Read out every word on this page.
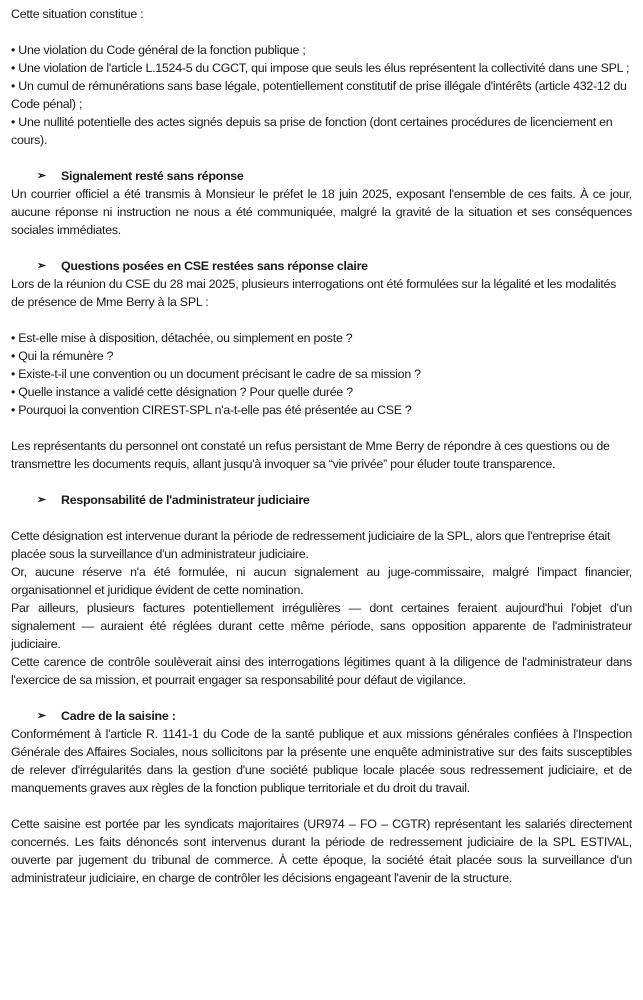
Cette situation constitue :

• Une violation du Code général de la fonction publique ;

• Une violation de l'article L.1524-5 du CGCT, qui impose que seuls les élus représentent la collectivité dans une SPL ;

• Un cumul de rémunérations sans base légale, potentiellement constitutif de prise illégale d'intérêts (article 432-12 du Code pénal) ;

• Une nullité potentielle des actes signés depuis sa prise de fonction (dont certaines procédures de licenciement en cours).

➢	Signalement resté sans réponse

Un courrier officiel a été transmis à Monsieur le préfet le 18 juin 2025, exposant l'ensemble de ces faits. À ce jour, aucune réponse ni instruction ne nous a été communiquée, malgré la gravité de la situation et ses conséquences sociales immédiates.

➢	Questions posées en CSE restées sans réponse claire

Lors de la réunion du CSE du 28 mai 2025, plusieurs interrogations ont été formulées sur la légalité et les modalités de présence de Mme Berry à la SPL :

• Est-elle mise à disposition, détachée, ou simplement en poste ?

• Qui la rémunère ?

• Existe-t-il une convention ou un document précisant le cadre de sa mission ?

• Quelle instance a validé cette désignation ? Pour quelle durée ?

• Pourquoi la convention CIREST-SPL n'a-t-elle pas été présentée au CSE ?

Les représentants du personnel ont constaté un refus persistant de Mme Berry de répondre à ces questions ou de transmettre les documents requis, allant jusqu'à invoquer sa “vie privée” pour éluder toute transparence.

➢	Responsabilité de l'administrateur judiciaire

Cette désignation est intervenue durant la période de redressement judiciaire de la SPL, alors que l'entreprise était placée sous la surveillance d'un administrateur judiciaire.

Or, aucune réserve n'a été formulée, ni aucun signalement au juge-commissaire, malgré l'impact financier, organisationnel et juridique évident de cette nomination.

Par ailleurs, plusieurs factures potentiellement irrégulières — dont certaines feraient aujourd'hui l'objet d'un signalement — auraient été réglées durant cette même période, sans opposition apparente de l'administrateur judiciaire.

Cette carence de contrôle soulèverait ainsi des interrogations légitimes quant à la diligence de l'administrateur dans l'exercice de sa mission, et pourrait engager sa responsabilité pour défaut de vigilance.

➢	Cadre de la saisine :

Conformément à l'article R. 1141-1 du Code de la santé publique et aux missions générales confiées à l'Inspection Générale des Affaires Sociales, nous sollicitons par la présente une enquête administrative sur des faits susceptibles de relever d'irrégularités dans la gestion d'une société publique locale placée sous redressement judiciaire, et de manquements graves aux règles de la fonction publique territoriale et du droit du travail.

Cette saisine est portée par les syndicats majoritaires (UR974 – FO – CGTR) représentant les salariés directement concernés. Les faits dénoncés sont intervenus durant la période de redressement judiciaire de la SPL ESTIVAL, ouverte par jugement du tribunal de commerce. À cette époque, la société était placée sous la surveillance d'un administrateur judiciaire, en charge de contrôler les décisions engageant l'avenir de la structure.
